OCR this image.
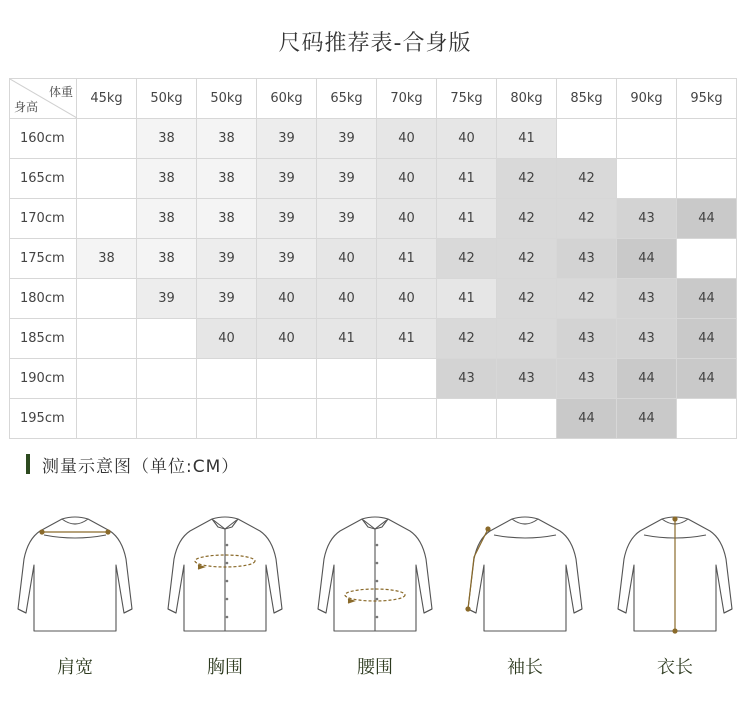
尺码推荐表-合身版
体重
身高	45kg	50kg	50kg	60kg	65kg	70kg	75kg	80kg	85kg	90kg	95kg
160cm		38	38	39	39	40	40	41			
165cm		38	38	39	39	40	41	42	42		
170cm		38	38	39	39	40	41	42	42	43	44
175cm	38	38	39	39	40	41	42	42	43	44	
180cm		39	39	40	40	40	41	42	42	43	44
185cm			40	40	41	41	42	42	43	43	44
190cm							43	43	43	44	44
195cm									44	44	
测量示意图（单位:CM）
肩宽	胸围	腰围	袖长	衣长
